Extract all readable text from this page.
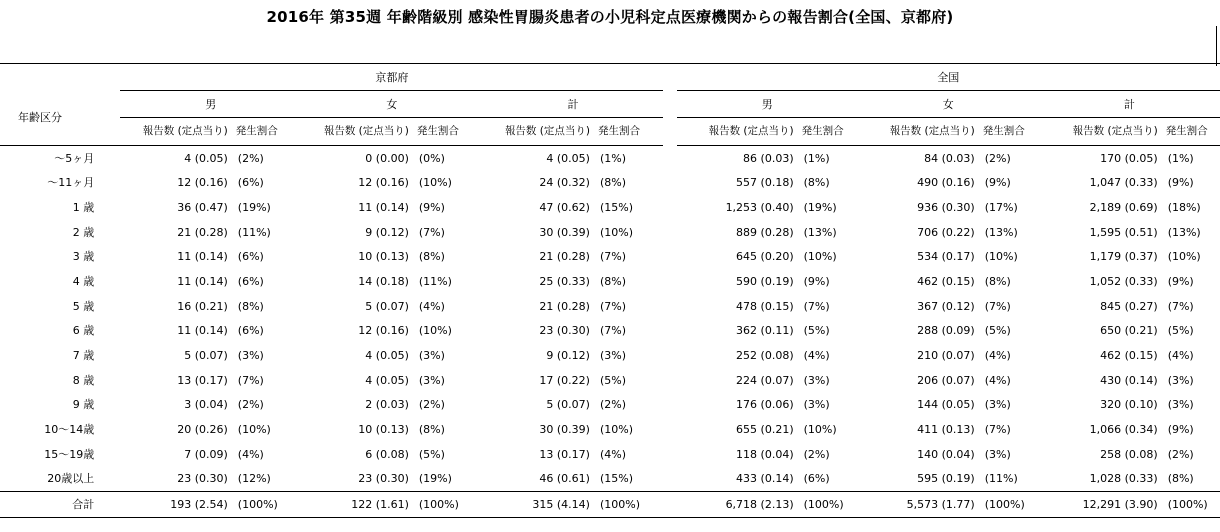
2016年 第35週 年齢階級別 感染性胃腸炎患者の小児科定点医療機関からの報告割合(全国、京都府)
	京都府							全国					
年齢区分	男		女		計			男		女		計	
	報告数 (定点当り)	発生割合	報告数 (定点当り)	発生割合	報告数 (定点当り)	発生割合		報告数 (定点当り)	発生割合	報告数 (定点当り)	発生割合	報告数 (定点当り)	発生割合
～5ヶ月	4 (0.05)	(2%)	0 (0.00)	(0%)	4 (0.05)	(1%)		86 (0.03)	(1%)	84 (0.03)	(2%)	170 (0.05)	(1%)
～11ヶ月	12 (0.16)	(6%)	12 (0.16)	(10%)	24 (0.32)	(8%)		557 (0.18)	(8%)	490 (0.16)	(9%)	1,047 (0.33)	(9%)
1 歳	36 (0.47)	(19%)	11 (0.14)	(9%)	47 (0.62)	(15%)		1,253 (0.40)	(19%)	936 (0.30)	(17%)	2,189 (0.69)	(18%)
2 歳	21 (0.28)	(11%)	9 (0.12)	(7%)	30 (0.39)	(10%)		889 (0.28)	(13%)	706 (0.22)	(13%)	1,595 (0.51)	(13%)
3 歳	11 (0.14)	(6%)	10 (0.13)	(8%)	21 (0.28)	(7%)		645 (0.20)	(10%)	534 (0.17)	(10%)	1,179 (0.37)	(10%)
4 歳	11 (0.14)	(6%)	14 (0.18)	(11%)	25 (0.33)	(8%)		590 (0.19)	(9%)	462 (0.15)	(8%)	1,052 (0.33)	(9%)
5 歳	16 (0.21)	(8%)	5 (0.07)	(4%)	21 (0.28)	(7%)		478 (0.15)	(7%)	367 (0.12)	(7%)	845 (0.27)	(7%)
6 歳	11 (0.14)	(6%)	12 (0.16)	(10%)	23 (0.30)	(7%)		362 (0.11)	(5%)	288 (0.09)	(5%)	650 (0.21)	(5%)
7 歳	5 (0.07)	(3%)	4 (0.05)	(3%)	9 (0.12)	(3%)		252 (0.08)	(4%)	210 (0.07)	(4%)	462 (0.15)	(4%)
8 歳	13 (0.17)	(7%)	4 (0.05)	(3%)	17 (0.22)	(5%)		224 (0.07)	(3%)	206 (0.07)	(4%)	430 (0.14)	(3%)
9 歳	3 (0.04)	(2%)	2 (0.03)	(2%)	5 (0.07)	(2%)		176 (0.06)	(3%)	144 (0.05)	(3%)	320 (0.10)	(3%)
10～14歳	20 (0.26)	(10%)	10 (0.13)	(8%)	30 (0.39)	(10%)		655 (0.21)	(10%)	411 (0.13)	(7%)	1,066 (0.34)	(9%)
15～19歳	7 (0.09)	(4%)	6 (0.08)	(5%)	13 (0.17)	(4%)		118 (0.04)	(2%)	140 (0.04)	(3%)	258 (0.08)	(2%)
20歳以上	23 (0.30)	(12%)	23 (0.30)	(19%)	46 (0.61)	(15%)		433 (0.14)	(6%)	595 (0.19)	(11%)	1,028 (0.33)	(8%)
合計	193 (2.54)	(100%)	122 (1.61)	(100%)	315 (4.14)	(100%)		6,718 (2.13)	(100%)	5,573 (1.77)	(100%)	12,291 (3.90)	(100%)
